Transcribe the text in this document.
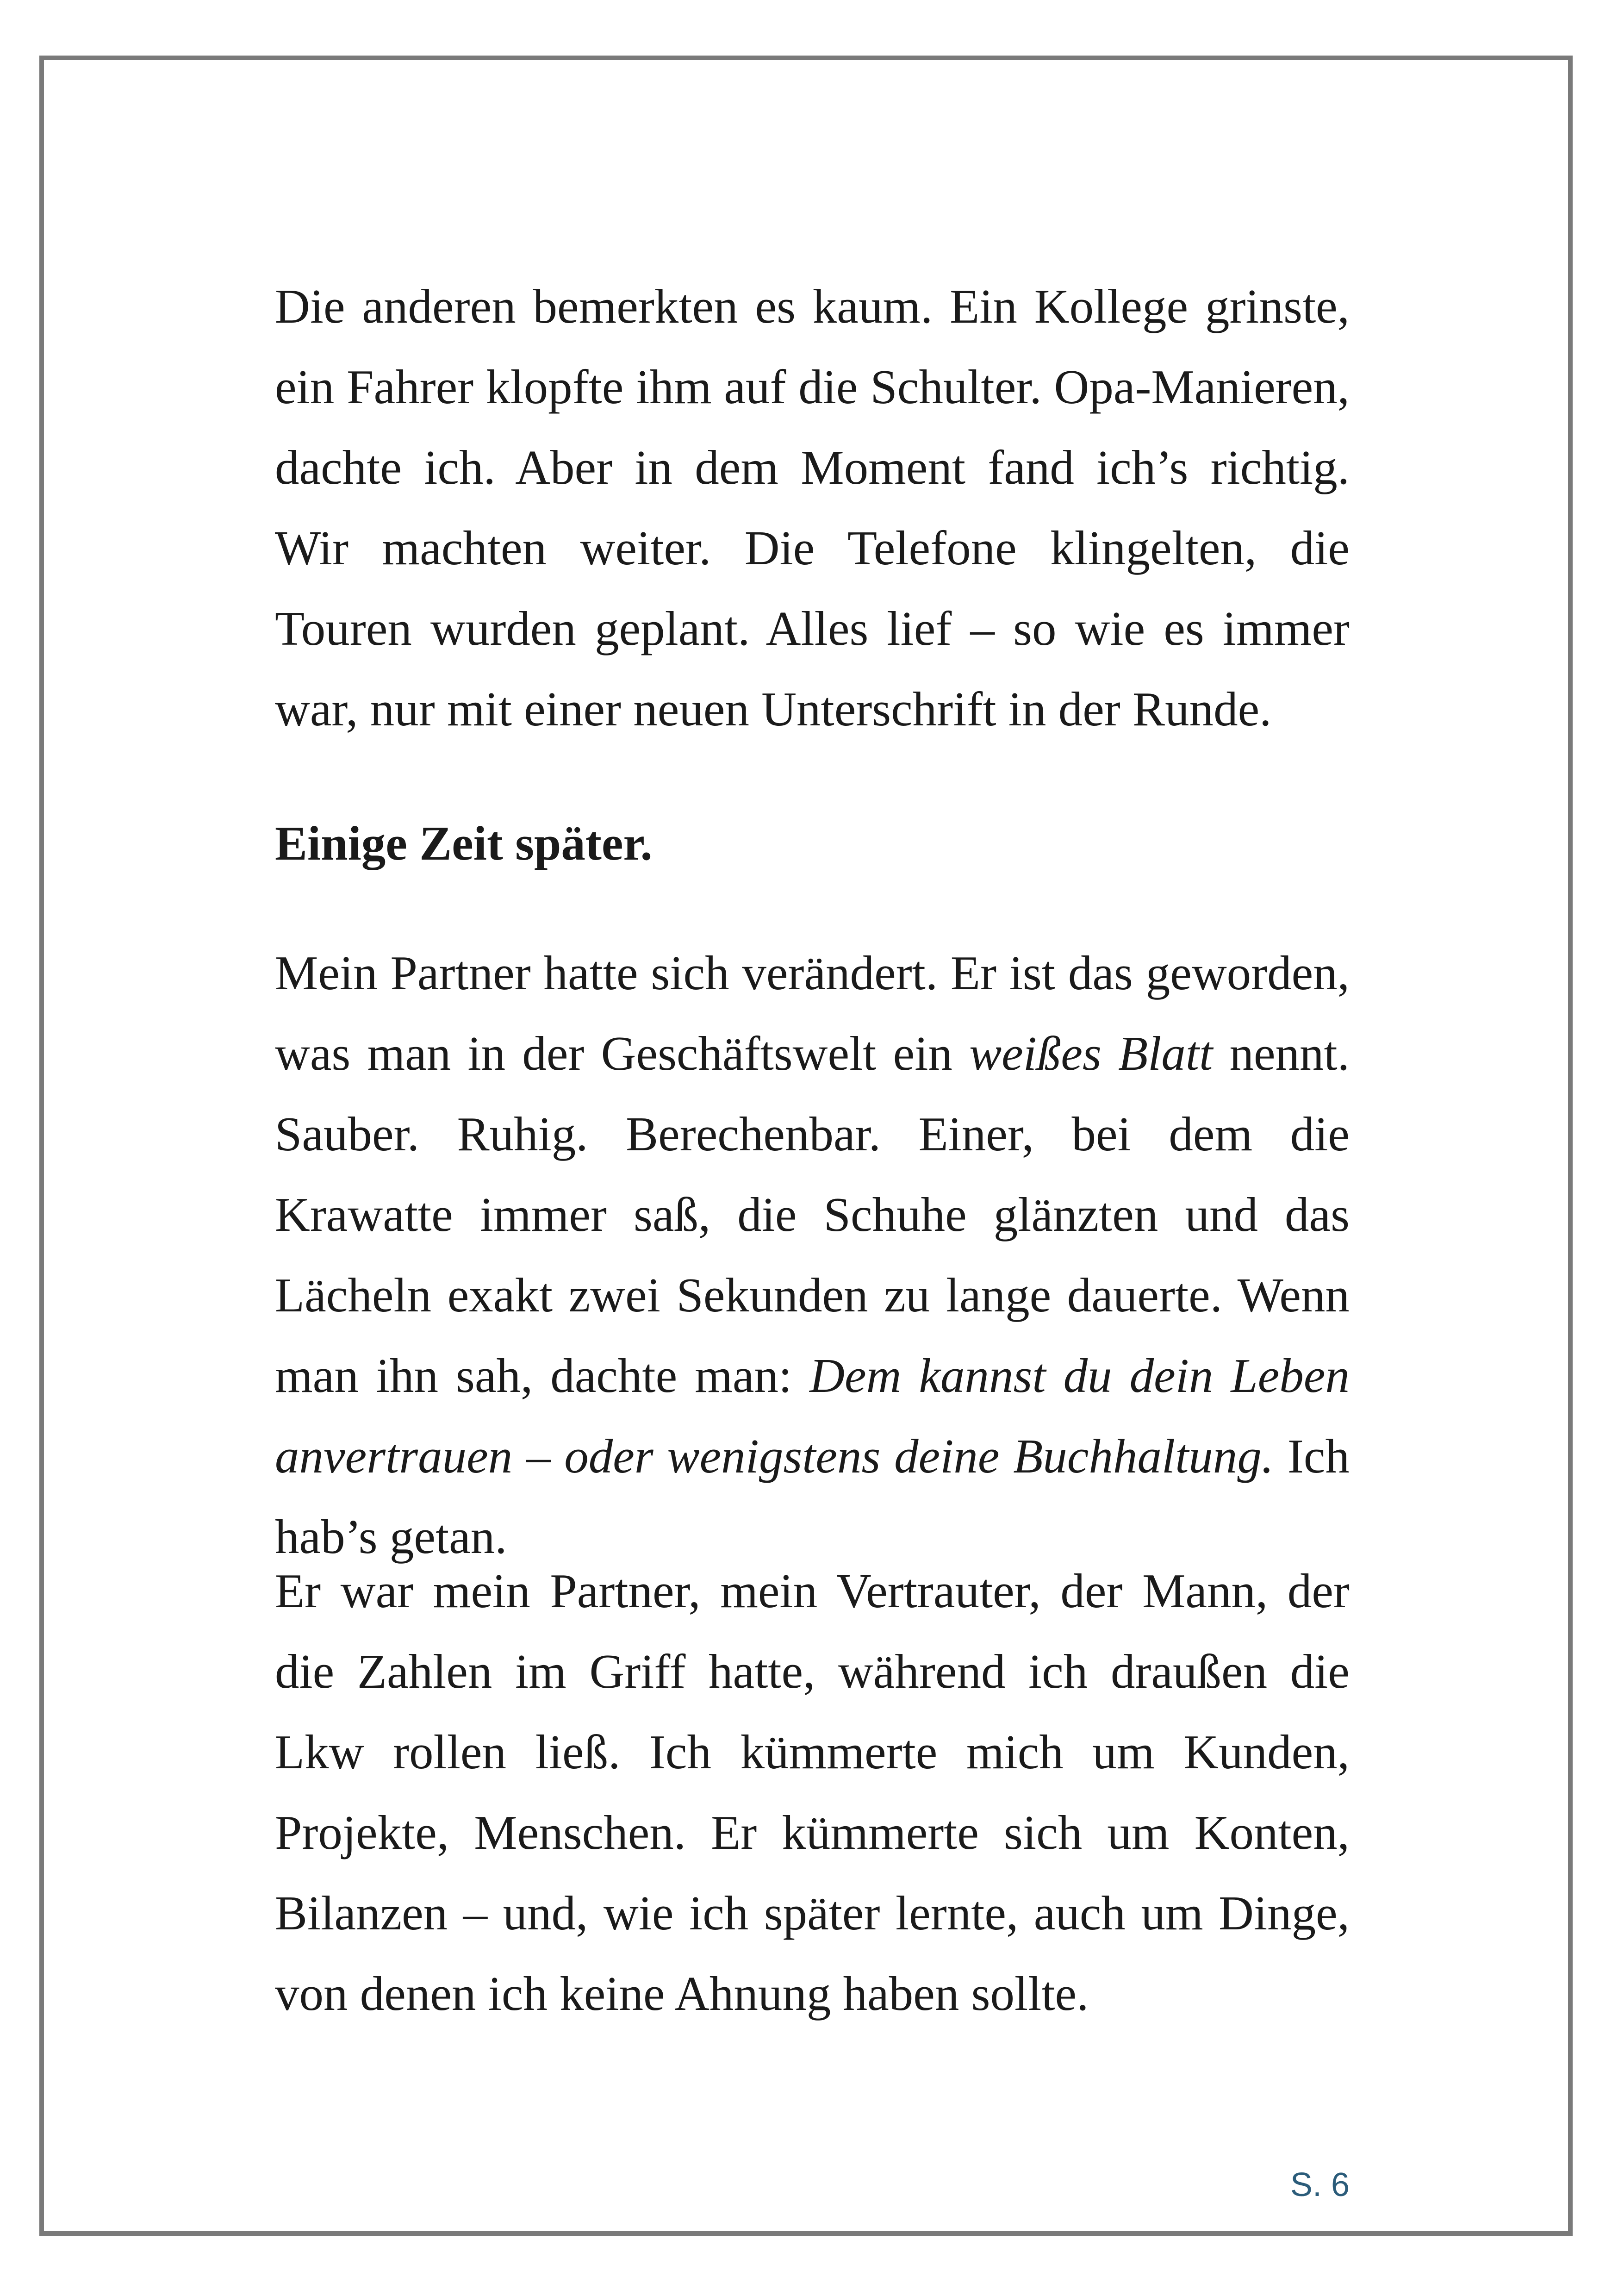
Die anderen bemerkten es kaum. Ein Kollege grinste, ein Fahrer klopfte ihm auf die Schulter. Opa-Manieren, dachte ich. Aber in dem Moment fand ich’s richtig. Wir machten weiter. Die Telefone klingelten, die Touren wurden geplant. Alles lief – so wie es immer war, nur mit einer neuen Unterschrift in der Runde.

Einige Zeit später.

Mein Partner hatte sich verändert. Er ist das geworden, was man in der Geschäftswelt ein weißes Blatt nennt. Sauber. Ruhig. Berechenbar. Einer, bei dem die Krawatte immer saß, die Schuhe glänzten und das Lächeln exakt zwei Sekunden zu lange dauerte. Wenn man ihn sah, dachte man: Dem kannst du dein Leben anvertrauen – oder wenigstens deine Buchhaltung. Ich hab’s getan.

Er war mein Partner, mein Vertrauter, der Mann, der die Zahlen im Griff hatte, während ich draußen die Lkw rollen ließ. Ich kümmerte mich um Kunden, Projekte, Menschen. Er kümmerte sich um Konten, Bilanzen – und, wie ich später lernte, auch um Dinge, von denen ich keine Ahnung haben sollte.

S. 6
